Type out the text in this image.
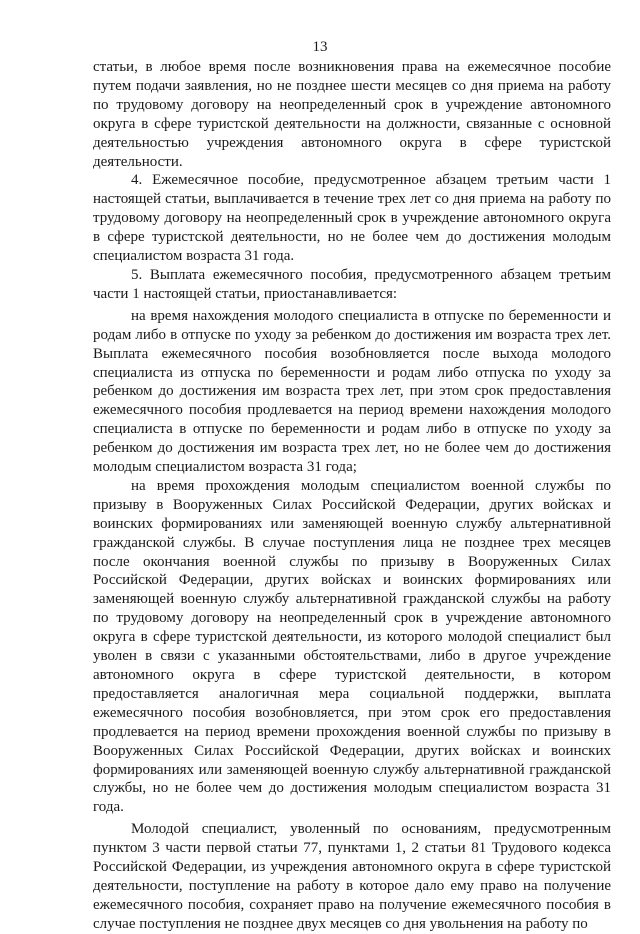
13

статьи, в любое время после возникновения права на ежемесячное пособие путем подачи заявления, но не позднее шести месяцев со дня приема на работу по трудовому договору на неопределенный срок в учреждение автономного округа в сфере туристской деятельности на должности, связанные с основной деятельностью учреждения автономного округа в сфере туристской деятельности.

4. Ежемесячное пособие, предусмотренное абзацем третьим части 1 настоящей статьи, выплачивается в течение трех лет со дня приема на работу по трудовому договору на неопределенный срок в учреждение автономного округа в сфере туристской деятельности, но не более чем до достижения молодым специалистом возраста 31 года.

5. Выплата ежемесячного пособия, предусмотренного абзацем третьим части 1 настоящей статьи, приостанавливается:

на время нахождения молодого специалиста в отпуске по беременности и родам либо в отпуске по уходу за ребенком до достижения им возраста трех лет. Выплата ежемесячного пособия возобновляется после выхода молодого специалиста из отпуска по беременности и родам либо отпуска по уходу за ребенком до достижения им возраста трех лет, при этом срок предоставления ежемесячного пособия продлевается на период времени нахождения молодого специалиста в отпуске по беременности и родам либо в отпуске по уходу за ребенком до достижения им возраста трех лет, но не более чем до достижения молодым специалистом возраста 31 года;

на время прохождения молодым специалистом военной службы по призыву в Вооруженных Силах Российской Федерации, других войсках и воинских формированиях или заменяющей военную службу альтернативной гражданской службы. В случае поступления лица не позднее трех месяцев после окончания военной службы по призыву в Вооруженных Силах Российской Федерации, других войсках и воинских формированиях или заменяющей военную службу альтернативной гражданской службы на работу по трудовому договору на неопределенный срок в учреждение автономного округа в сфере туристской деятельности, из которого молодой специалист был уволен в связи с указанными обстоятельствами, либо в другое учреждение автономного округа в сфере туристской деятельности, в котором предоставляется аналогичная мера социальной поддержки, выплата ежемесячного пособия возобновляется, при этом срок его предоставления продлевается на период времени прохождения военной службы по призыву в Вооруженных Силах Российской Федерации, других войсках и воинских формированиях или заменяющей военную службу альтернативной гражданской службы, но не более чем до достижения молодым специалистом возраста 31 года.

Молодой специалист, уволенный по основаниям, предусмотренным пунктом 3 части первой статьи 77, пунктами 1, 2 статьи 81 Трудового кодекса Российской Федерации, из учреждения автономного округа в сфере туристской деятельности, поступление на работу в которое дало ему право на получение ежемесячного пособия, сохраняет право на получение ежемесячного пособия в случае поступления не позднее двух месяцев со дня увольнения на работу по
